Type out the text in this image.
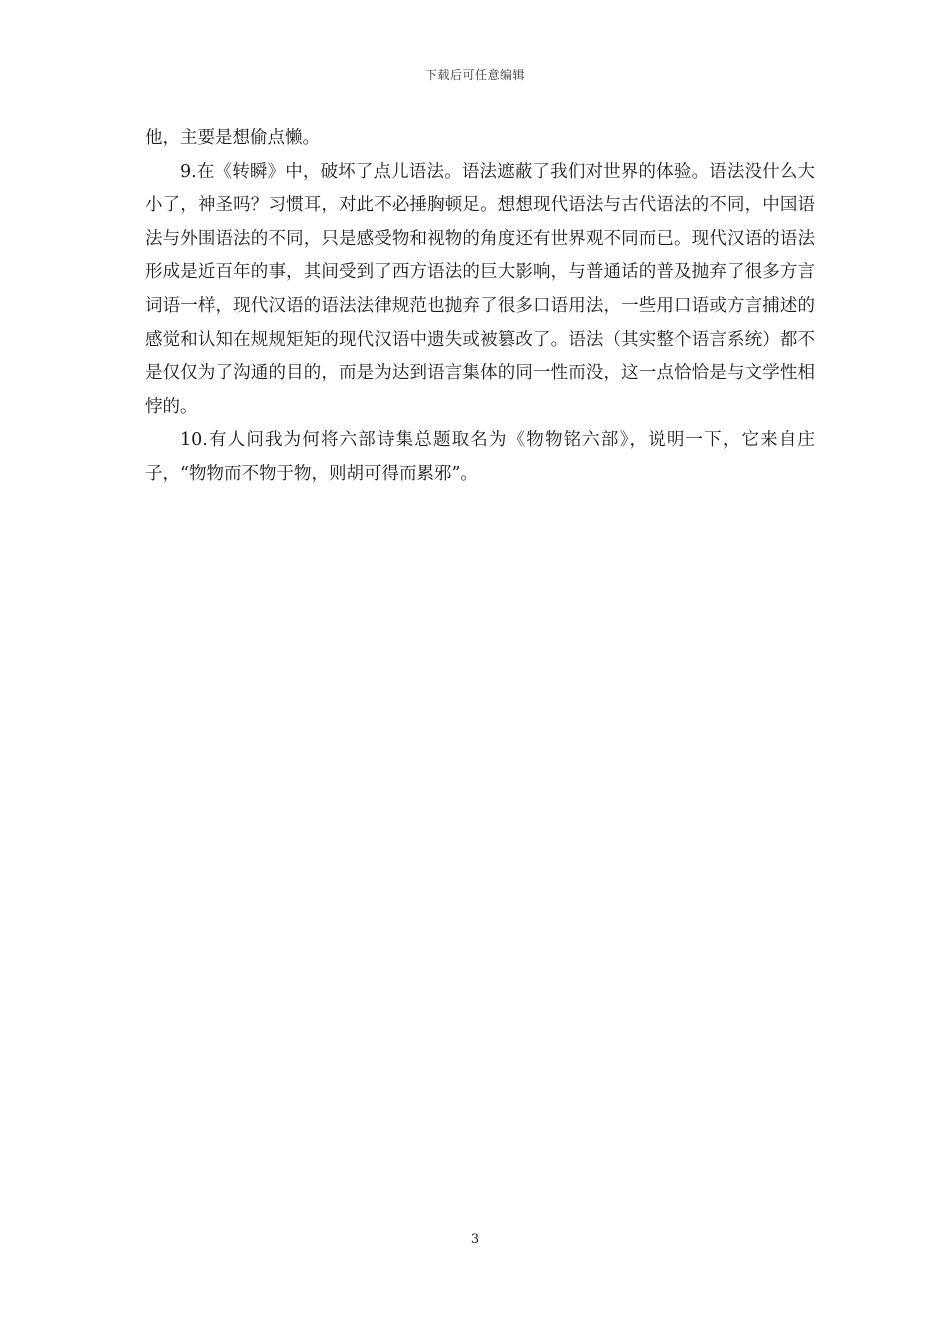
下载后可任意编辑

他，主要是想偷点懒。

9.在《转瞬》中，破坏了点儿语法。语法遮蔽了我们对世界的体验。语法没什么大小了，神圣吗？习惯耳，对此不必捶胸顿足。想想现代语法与古代语法的不同，中国语法与外围语法的不同，只是感受物和视物的角度还有世界观不同而已。现代汉语的语法形成是近百年的事，其间受到了西方语法的巨大影响，与普通话的普及抛弃了很多方言词语一样，现代汉语的语法法律规范也抛弃了很多口语用法，一些用口语或方言捕述的感觉和认知在规规矩矩的现代汉语中遗失或被篡改了。语法（其实整个语言系统）都不是仅仅为了沟通的目的，而是为达到语言集体的同一性而没，这一点恰恰是与文学性相悖的。

10.有人问我为何将六部诗集总题取名为《物物铭六部》，说明一下，它来自庄子，“物物而不物于物，则胡可得而累邪”。

3
